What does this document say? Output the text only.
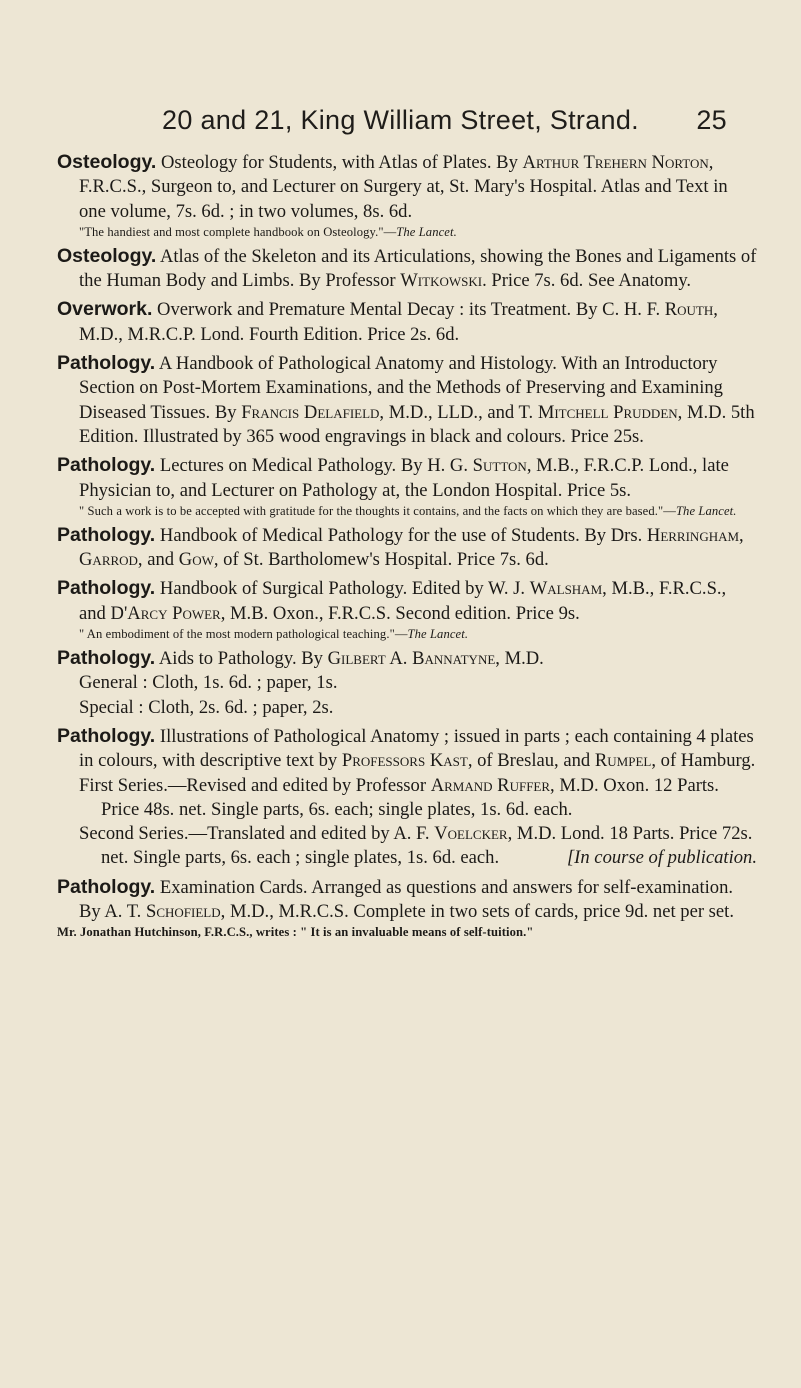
20 and 21, King William Street, Strand. 25

Osteology. Osteology for Students, with Atlas of Plates. By Arthur Trehern Norton, F.R.C.S., Surgeon to, and Lecturer on Surgery at, St. Mary's Hospital. Atlas and Text in one volume, 7s. 6d. ; in two volumes, 8s. 6d.

"The handiest and most complete handbook on Osteology."—The Lancet.

Osteology. Atlas of the Skeleton and its Articulations, showing the Bones and Ligaments of the Human Body and Limbs. By Professor Witkowski. Price 7s. 6d. See Anatomy.

Overwork. Overwork and Premature Mental Decay : its Treatment. By C. H. F. Routh, M.D., M.R.C.P. Lond. Fourth Edition. Price 2s. 6d.

Pathology. A Handbook of Pathological Anatomy and Histology. With an Introductory Section on Post-Mortem Examinations, and the Methods of Preserving and Examining Diseased Tissues. By Francis Delafield, M.D., LLD., and T. Mitchell Prudden, M.D. 5th Edition. Illustrated by 365 wood engravings in black and colours. Price 25s.

Pathology. Lectures on Medical Pathology. By H. G. Sutton, M.B., F.R.C.P. Lond., late Physician to, and Lecturer on Pathology at, the London Hospital. Price 5s.

" Such a work is to be accepted with gratitude for the thoughts it contains, and the facts on which they are based."—The Lancet.

Pathology. Handbook of Medical Pathology for the use of Students. By Drs. Herringham, Garrod, and Gow, of St. Bartholomew's Hospital. Price 7s. 6d.

Pathology. Handbook of Surgical Pathology. Edited by W. J. Walsham, M.B., F.R.C.S., and D'Arcy Power, M.B. Oxon., F.R.C.S. Second edition. Price 9s.

" An embodiment of the most modern pathological teaching."—The Lancet.

Pathology. Aids to Pathology. By Gilbert A. Bannatyne, M.D.

General : Cloth, 1s. 6d. ; paper, 1s.
Special : Cloth, 2s. 6d. ; paper, 2s.

Pathology. Illustrations of Pathological Anatomy ; issued in parts ; each containing 4 plates in colours, with descriptive text by Professors Kast, of Breslau, and Rumpel, of Hamburg.

First Series.—Revised and edited by Professor Armand Ruffer, M.D. Oxon. 12 Parts. Price 48s. net. Single parts, 6s. each; single plates, 1s. 6d. each.

Second Series.—Translated and edited by A. F. Voelcker, M.D. Lond. 18 Parts. Price 72s. net. Single parts, 6s. each ; single plates, 1s. 6d. each.	[In course of publication.

Pathology. Examination Cards. Arranged as questions and answers for self-examination. By A. T. Schofield, M.D., M.R.C.S. Complete in two sets of cards, price 9d. net per set.

Mr. Jonathan Hutchinson, F.R.C.S., writes : " It is an invaluable means of self-tuition."
